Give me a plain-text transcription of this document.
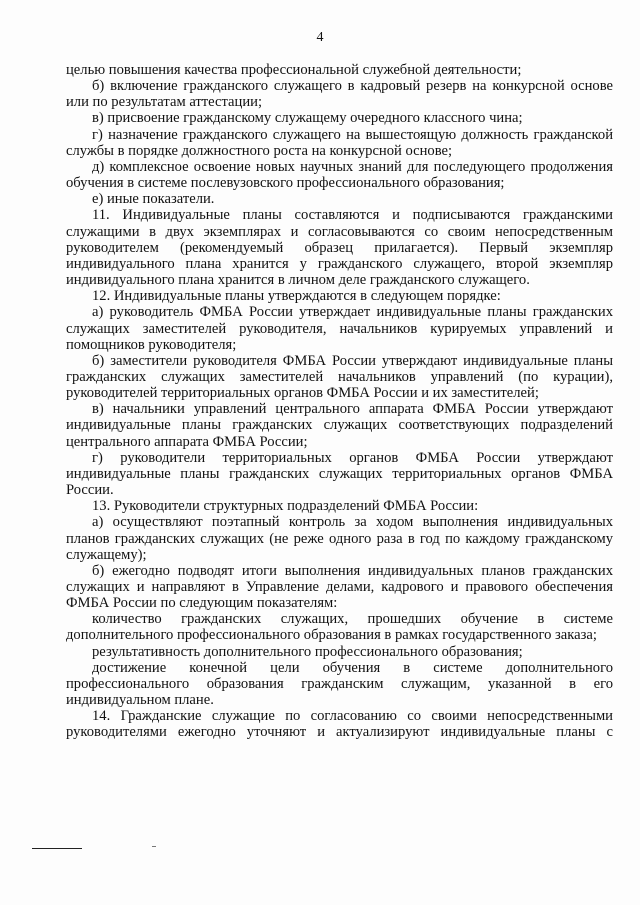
4

целью повышения качества профессиональной служебной деятельности;

б) включение гражданского служащего в кадровый резерв на конкурсной основе или по результатам аттестации;

в) присвоение гражданскому служащему очередного классного чина;

г) назначение гражданского служащего на вышестоящую должность гражданской службы в порядке должностного роста на конкурсной основе;

д) комплексное освоение новых научных знаний для последующего продолжения обучения в системе послевузовского профессионального образования;

е) иные показатели.

11. Индивидуальные планы составляются и подписываются гражданскими служащими в двух экземплярах и согласовываются со своим непосредственным руководителем (рекомендуемый образец прилагается). Первый экземпляр индивидуального плана хранится у гражданского служащего, второй экземпляр индивидуального плана хранится в личном деле гражданского служащего.

12. Индивидуальные планы утверждаются в следующем порядке:

а) руководитель ФМБА России утверждает индивидуальные планы гражданских служащих заместителей руководителя, начальников курируемых управлений и помощников руководителя;

б) заместители руководителя ФМБА России утверждают индивидуальные планы гражданских служащих заместителей начальников управлений (по курации), руководителей территориальных органов ФМБА России и их заместителей;

в) начальники управлений центрального аппарата ФМБА России утверждают индивидуальные планы гражданских служащих соответствующих подразделений центрального аппарата ФМБА России;

г) руководители территориальных органов ФМБА России утверждают индивидуальные планы гражданских служащих территориальных органов ФМБА России.

13. Руководители структурных подразделений ФМБА России:

а) осуществляют поэтапный контроль за ходом выполнения индивидуальных планов гражданских служащих (не реже одного раза в год по каждому гражданскому служащему);

б) ежегодно подводят итоги выполнения индивидуальных планов гражданских служащих и направляют в Управление делами, кадрового и правового обеспечения ФМБА России по следующим показателям:

количество гражданских служащих, прошедших обучение в системе дополнительного профессионального образования в рамках государственного заказа;

результативность дополнительного профессионального образования;

достижение конечной цели обучения в системе дополнительного профессионального образования гражданским служащим, указанной в его индивидуальном плане.

14. Гражданские служащие по согласованию со своими непосредственными руководителями ежегодно уточняют и актуализируют индивидуальные планы с
